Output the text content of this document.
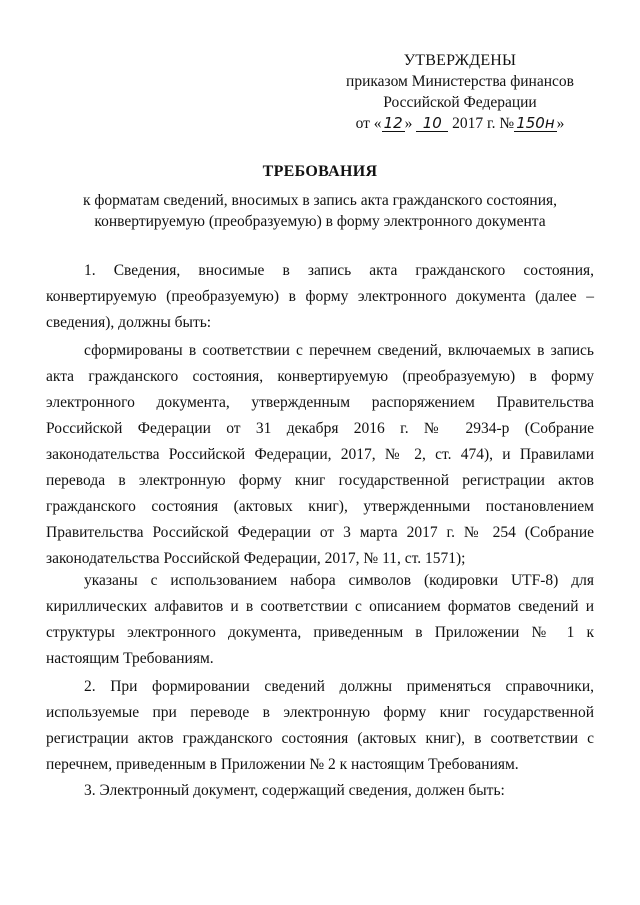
УТВЕРЖДЕНЫ
приказом Министерства финансов
Российской Федерации
от « 12 » 10 2017 г. № 150н »
ТРЕБОВАНИЯ
к форматам сведений, вносимых в запись акта гражданского состояния,
конвертируемую (преобразуемую) в форму электронного документа

1. Сведения, вносимые в запись акта гражданского состояния, конвертируемую (преобразуемую) в форму электронного документа (далее – сведения), должны быть:

сформированы в соответствии с перечнем сведений, включаемых в запись акта гражданского состояния, конвертируемую (преобразуемую) в форму электронного документа, утвержденным распоряжением Правительства Российской Федерации от 31 декабря 2016 г. № 2934-р (Собрание законодательства Российской Федерации, 2017, № 2, ст. 474), и Правилами перевода в электронную форму книг государственной регистрации актов гражданского состояния (актовых книг), утвержденными постановлением Правительства Российской Федерации от 3 марта 2017 г. № 254 (Собрание законодательства Российской Федерации, 2017, № 11, ст. 1571);

указаны с использованием набора символов (кодировки UTF-8) для кириллических алфавитов и в соответствии с описанием форматов сведений и структуры электронного документа, приведенным в Приложении № 1 к настоящим Требованиям.

2. При формировании сведений должны применяться справочники, используемые при переводе в электронную форму книг государственной регистрации актов гражданского состояния (актовых книг), в соответствии с перечнем, приведенным в Приложении № 2 к настоящим Требованиям.

3. Электронный документ, содержащий сведения, должен быть:
